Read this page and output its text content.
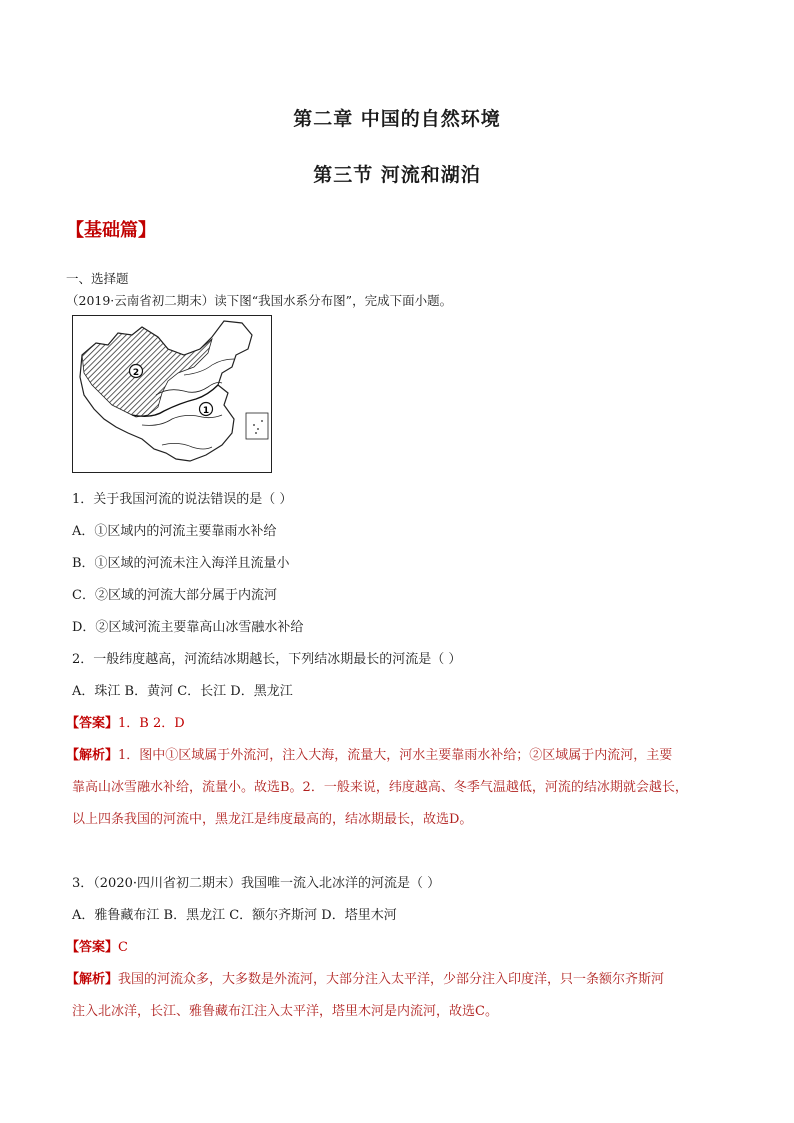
第二章 中国的自然环境
第三节 河流和湖泊
【基础篇】
一、选择题
（2019·云南省初二期末）读下图“我国水系分布图”，完成下面小题。
2
1
1．关于我国河流的说法错误的是（ ）
A．①区域内的河流主要靠雨水补给
B．①区域的河流未注入海洋且流量小
C．②区域的河流大部分属于内流河
D．②区域河流主要靠高山冰雪融水补给
2．一般纬度越高，河流结冰期越长，下列结冰期最长的河流是（ ）
A．珠江 B．黄河 C．长江 D．黑龙江
【答案】1．B 2．D
【解析】1．图中①区域属于外流河，注入大海，流量大，河水主要靠雨水补给；②区域属于内流河，主要
靠高山冰雪融水补给，流量小。故选B。2．一般来说，纬度越高、冬季气温越低，河流的结冰期就会越长，
以上四条我国的河流中，黑龙江是纬度最高的，结冰期最长，故选D。
3．（2020·四川省初二期末）我国唯一流入北冰洋的河流是（ ）
A．雅鲁藏布江 B．黑龙江 C．额尔齐斯河 D．塔里木河
【答案】C
【解析】我国的河流众多，大多数是外流河，大部分注入太平洋，少部分注入印度洋，只一条额尔齐斯河
注入北冰洋，长江、雅鲁藏布江注入太平洋，塔里木河是内流河，故选C。
